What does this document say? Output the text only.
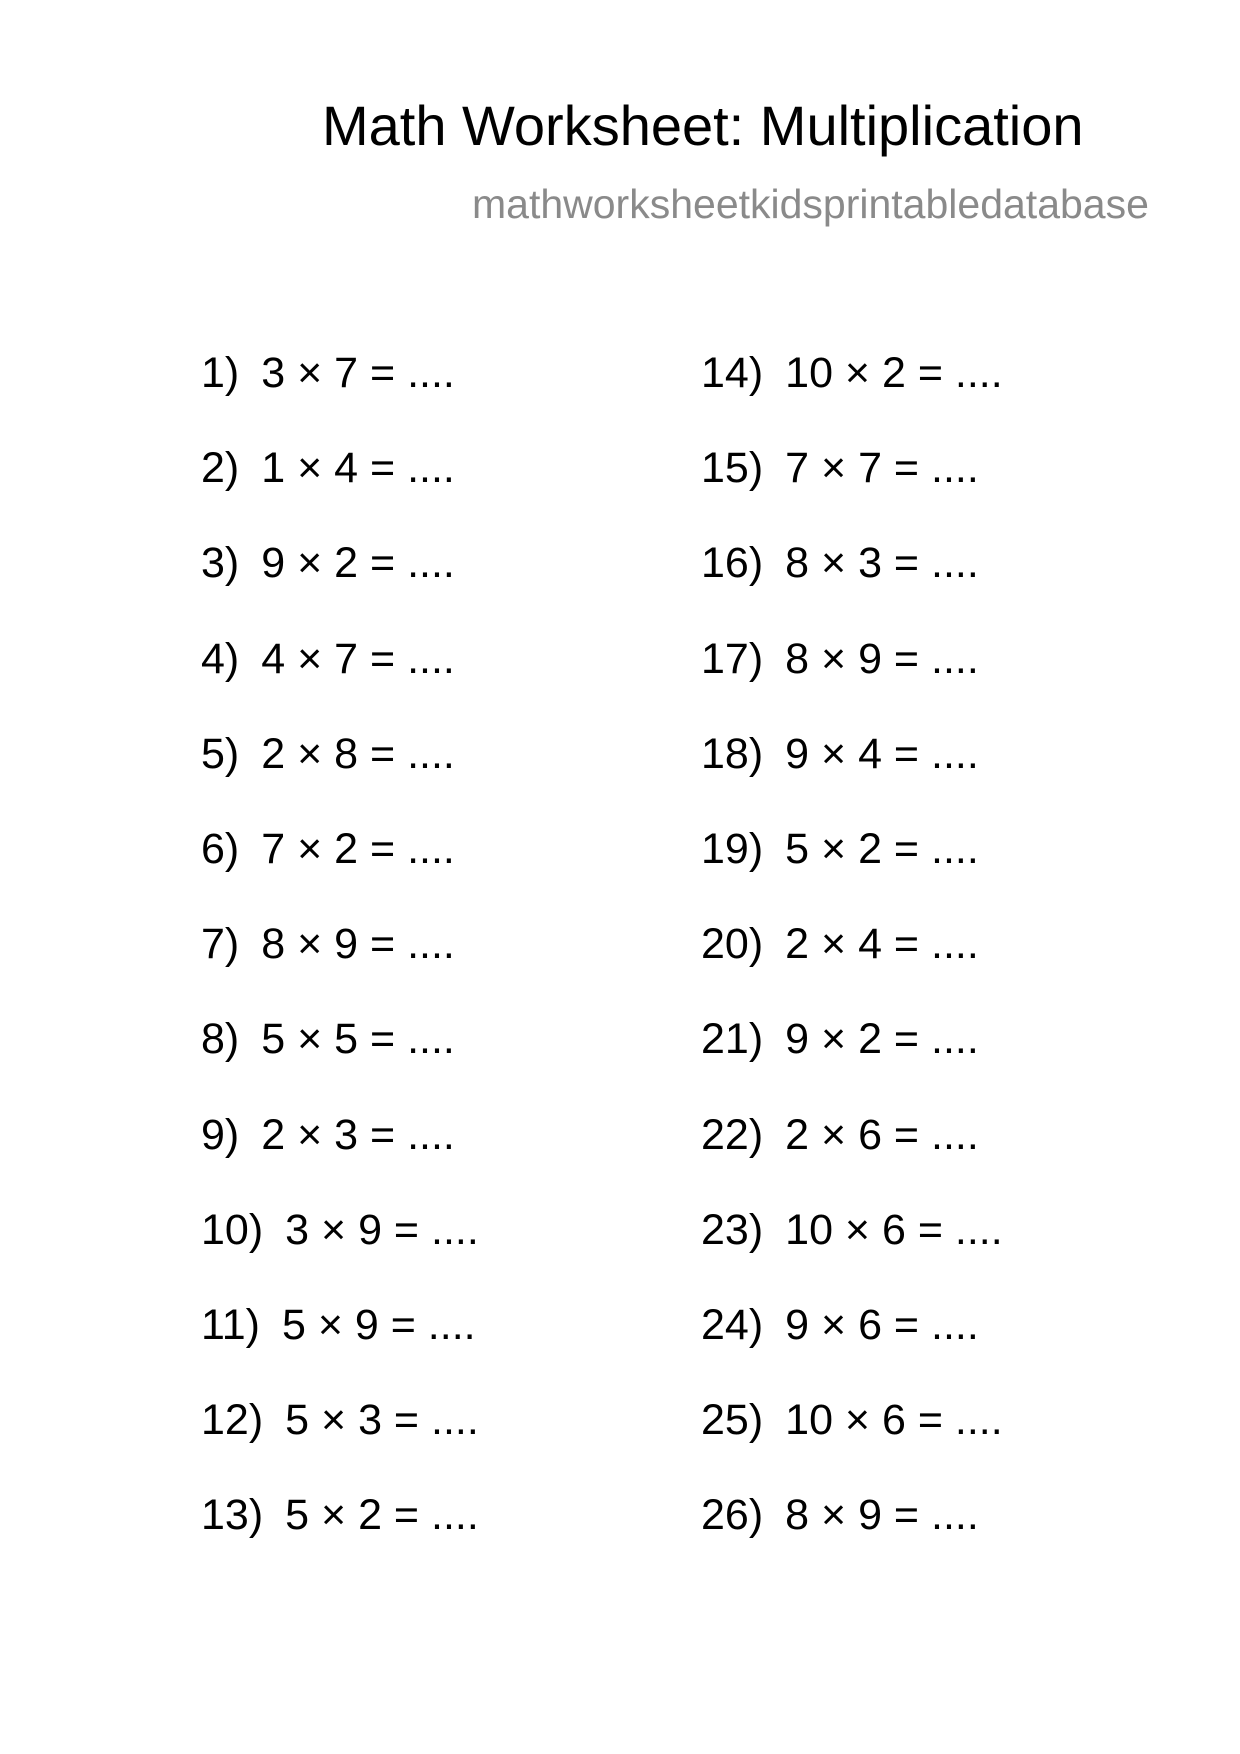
Math Worksheet: Multiplication
mathworksheetkidsprintabledatabase
1) 3 × 7 = ....
2) 1 × 4 = ....
3) 9 × 2 = ....
4) 4 × 7 = ....
5) 2 × 8 = ....
6) 7 × 2 = ....
7) 8 × 9 = ....
8) 5 × 5 = ....
9) 2 × 3 = ....
10) 3 × 9 = ....
11) 5 × 9 = ....
12) 5 × 3 = ....
13) 5 × 2 = ....
14) 10 × 2 = ....
15) 7 × 7 = ....
16) 8 × 3 = ....
17) 8 × 9 = ....
18) 9 × 4 = ....
19) 5 × 2 = ....
20) 2 × 4 = ....
21) 9 × 2 = ....
22) 2 × 6 = ....
23) 10 × 6 = ....
24) 9 × 6 = ....
25) 10 × 6 = ....
26) 8 × 9 = ....
